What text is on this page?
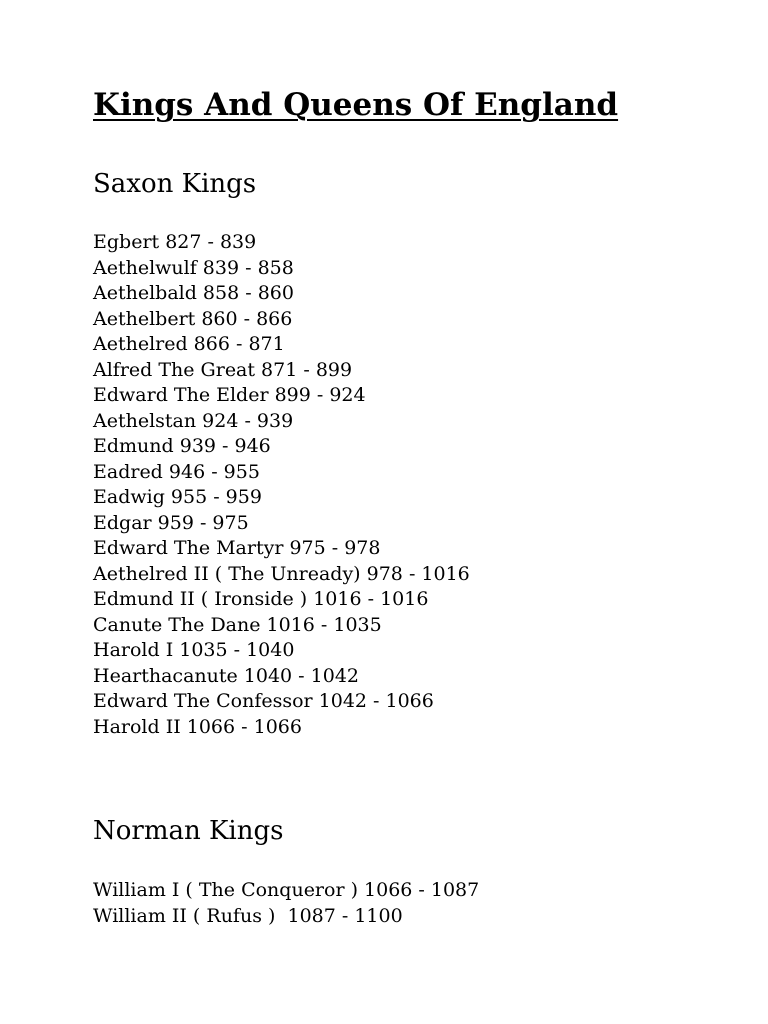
Kings And Queens Of England
Saxon Kings
Egbert 827 - 839
Aethelwulf 839 - 858
Aethelbald 858 - 860
Aethelbert 860 - 866
Aethelred 866 - 871
Alfred The Great 871 - 899
Edward The Elder 899 - 924
Aethelstan 924 - 939
Edmund 939 - 946
Eadred 946 - 955
Eadwig 955 - 959
Edgar 959 - 975
Edward The Martyr 975 - 978
Aethelred II ( The Unready) 978 - 1016
Edmund II ( Ironside ) 1016 - 1016
Canute The Dane 1016 - 1035
Harold I 1035 - 1040
Hearthacanute 1040 - 1042
Edward The Confessor 1042 - 1066
Harold II 1066 - 1066
Norman Kings
William I ( The Conqueror ) 1066 - 1087
William II ( Rufus )  1087 - 1100
